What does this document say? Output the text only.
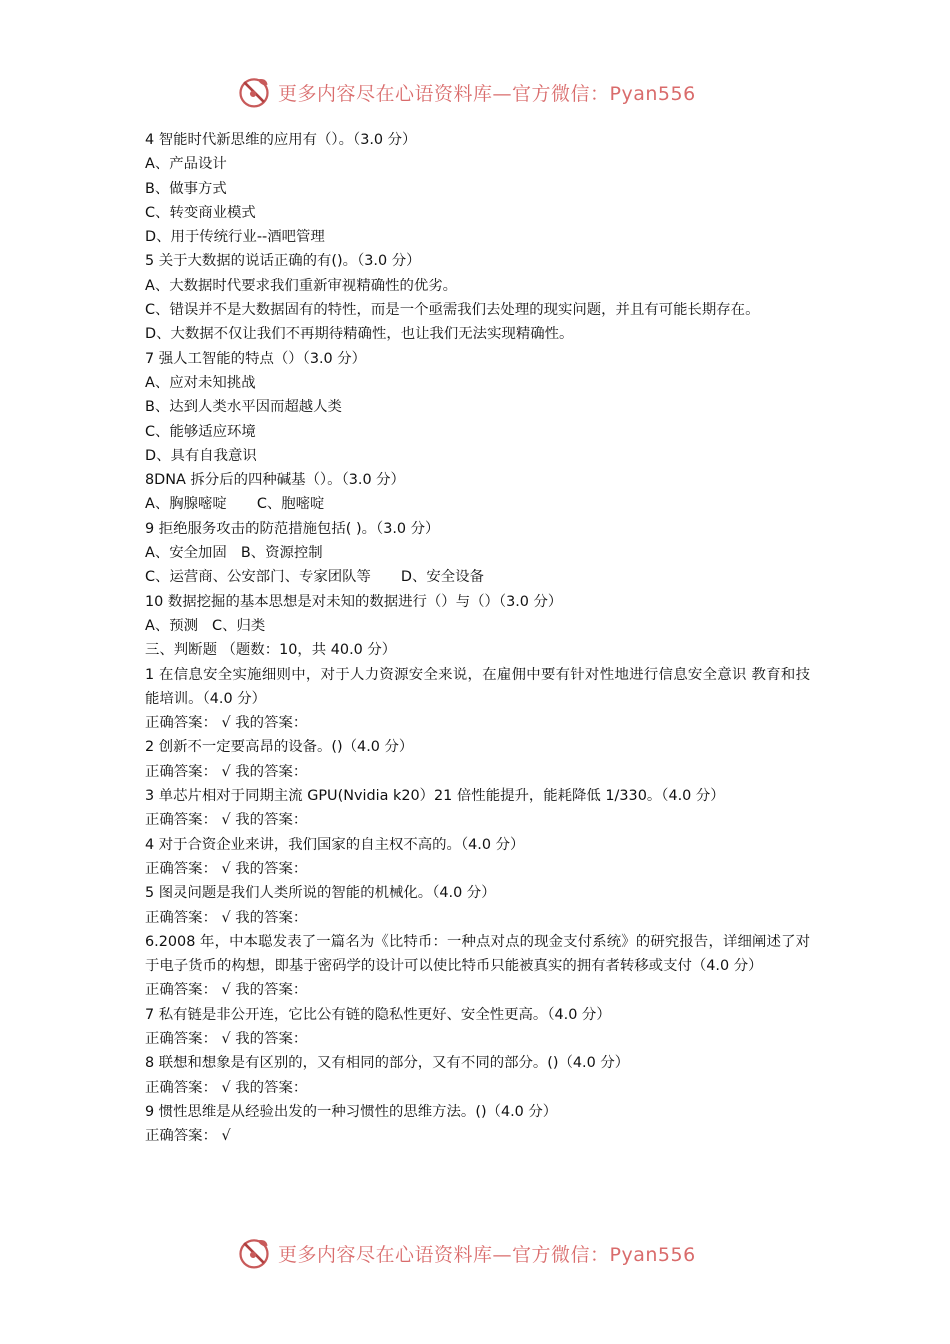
更多内容尽在心语资料库—官方微信：Pyan556
4 智能时代新思维的应用有（）。（3.0 分）
A、产品设计
B、做事方式
C、转变商业模式
D、用于传统行业--酒吧管理
5 关于大数据的说话正确的有()。（3.0 分）
A、大数据时代要求我们重新审视精确性的优劣。
C、错误并不是大数据固有的特性，而是一个亟需我们去处理的现实问题，并且有可能长期存在。
D、大数据不仅让我们不再期待精确性，也让我们无法实现精确性。
7 强人工智能的特点（）（3.0 分）
A、应对未知挑战
B、达到人类水平因而超越人类
C、能够适应环境
D、具有自我意识
8DNA 拆分后的四种碱基（）。（3.0 分）
A、胸腺嘧啶 C、胞嘧啶
9 拒绝服务攻击的防范措施包括( )。（3.0 分）
A、安全加固 B、资源控制
C、运营商、公安部门、专家团队等 D、安全设备
10 数据挖掘的基本思想是对未知的数据进行（）与（）（3.0 分）
A、预测 C、归类
三、判断题 （题数：10，共 40.0 分）
1 在信息安全实施细则中，对于人力资源安全来说，在雇佣中要有针对性地进行信息安全意识 教育和技能培训。（4.0 分）
正确答案： √ 我的答案：
2 创新不一定要高昂的设备。()（4.0 分）
正确答案： √ 我的答案：
3 单芯片相对于同期主流 GPU(Nvidia k20）21 倍性能提升，能耗降低 1/330。（4.0 分）
正确答案： √ 我的答案：
4 对于合资企业来讲，我们国家的自主权不高的。（4.0 分）
正确答案： √ 我的答案：
5 图灵问题是我们人类所说的智能的机械化。（4.0 分）
正确答案： √ 我的答案：
6.2008 年，中本聪发表了一篇名为《比特币：一种点对点的现金支付系统》的研究报告，详细阐述了对于电子货币的构想，即基于密码学的设计可以使比特币只能被真实的拥有者转移或支付（4.0 分）
正确答案： √ 我的答案：
7 私有链是非公开连，它比公有链的隐私性更好、安全性更高。（4.0 分）
正确答案： √ 我的答案：
8 联想和想象是有区别的，又有相同的部分，又有不同的部分。()（4.0 分）
正确答案： √ 我的答案：
9 惯性思维是从经验出发的一种习惯性的思维方法。()（4.0 分）
正确答案： √
更多内容尽在心语资料库—官方微信：Pyan556
